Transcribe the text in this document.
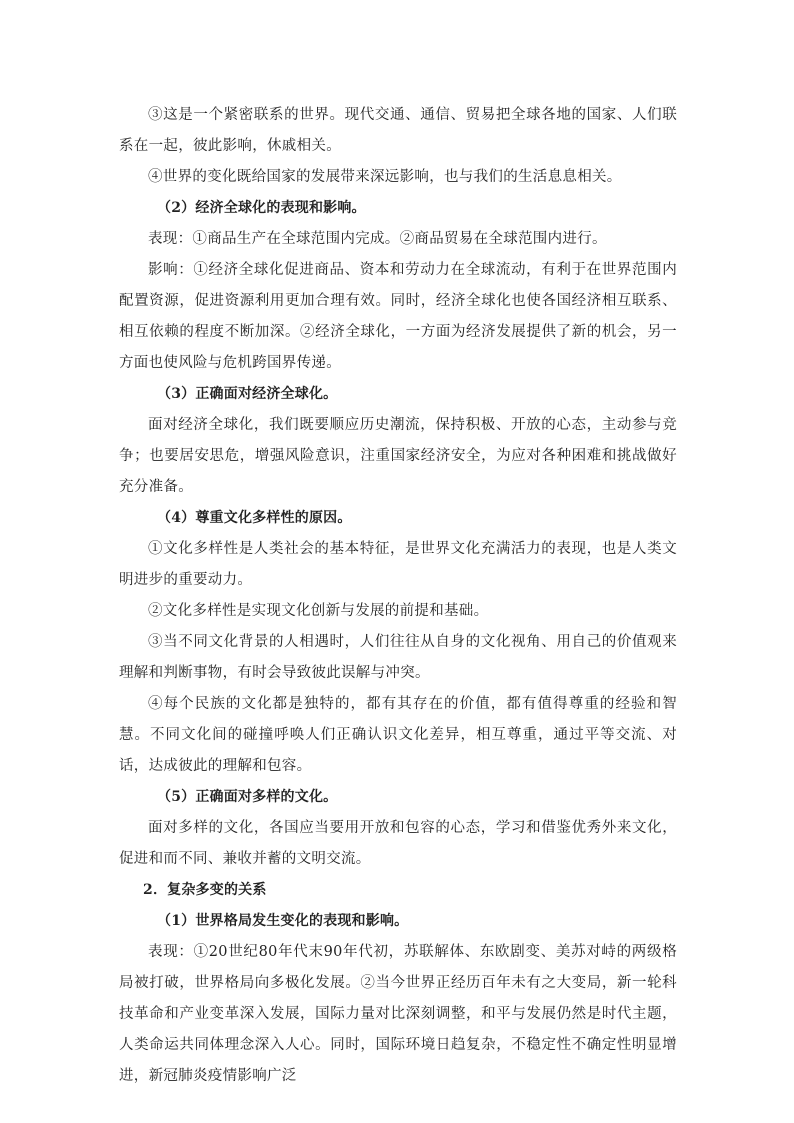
③这是一个紧密联系的世界。现代交通、通信、贸易把全球各地的国家、人们联系在一起，彼此影响，休戚相关。

④世界的变化既给国家的发展带来深远影响，也与我们的生活息息相关。

（2）经济全球化的表现和影响。

表现：①商品生产在全球范围内完成。②商品贸易在全球范围内进行。

影响：①经济全球化促进商品、资本和劳动力在全球流动，有利于在世界范围内配置资源，促进资源利用更加合理有效。同时，经济全球化也使各国经济相互联系、相互依赖的程度不断加深。②经济全球化，一方面为经济发展提供了新的机会，另一方面也使风险与危机跨国界传递。

（3）正确面对经济全球化。

面对经济全球化，我们既要顺应历史潮流，保持积极、开放的心态，主动参与竞争；也要居安思危，增强风险意识，注重国家经济安全，为应对各种困难和挑战做好充分准备。

（4）尊重文化多样性的原因。

①文化多样性是人类社会的基本特征，是世界文化充满活力的表现，也是人类文明进步的重要动力。

②文化多样性是实现文化创新与发展的前提和基础。

③当不同文化背景的人相遇时，人们往往从自身的文化视角、用自己的价值观来理解和判断事物，有时会导致彼此误解与冲突。

④每个民族的文化都是独特的，都有其存在的价值，都有值得尊重的经验和智慧。不同文化间的碰撞呼唤人们正确认识文化差异，相互尊重，通过平等交流、对话，达成彼此的理解和包容。

（5）正确面对多样的文化。

面对多样的文化，各国应当要用开放和包容的心态，学习和借鉴优秀外来文化，促进和而不同、兼收并蓄的文明交流。

2．复杂多变的关系

（1）世界格局发生变化的表现和影响。

表现：①20世纪80年代末90年代初，苏联解体、东欧剧变、美苏对峙的两级格局被打破，世界格局向多极化发展。②当今世界正经历百年未有之大变局，新一轮科技革命和产业变革深入发展，国际力量对比深刻调整，和平与发展仍然是时代主题，人类命运共同体理念深入人心。同时，国际环境日趋复杂，不稳定性不确定性明显增进，新冠肺炎疫情影响广泛
